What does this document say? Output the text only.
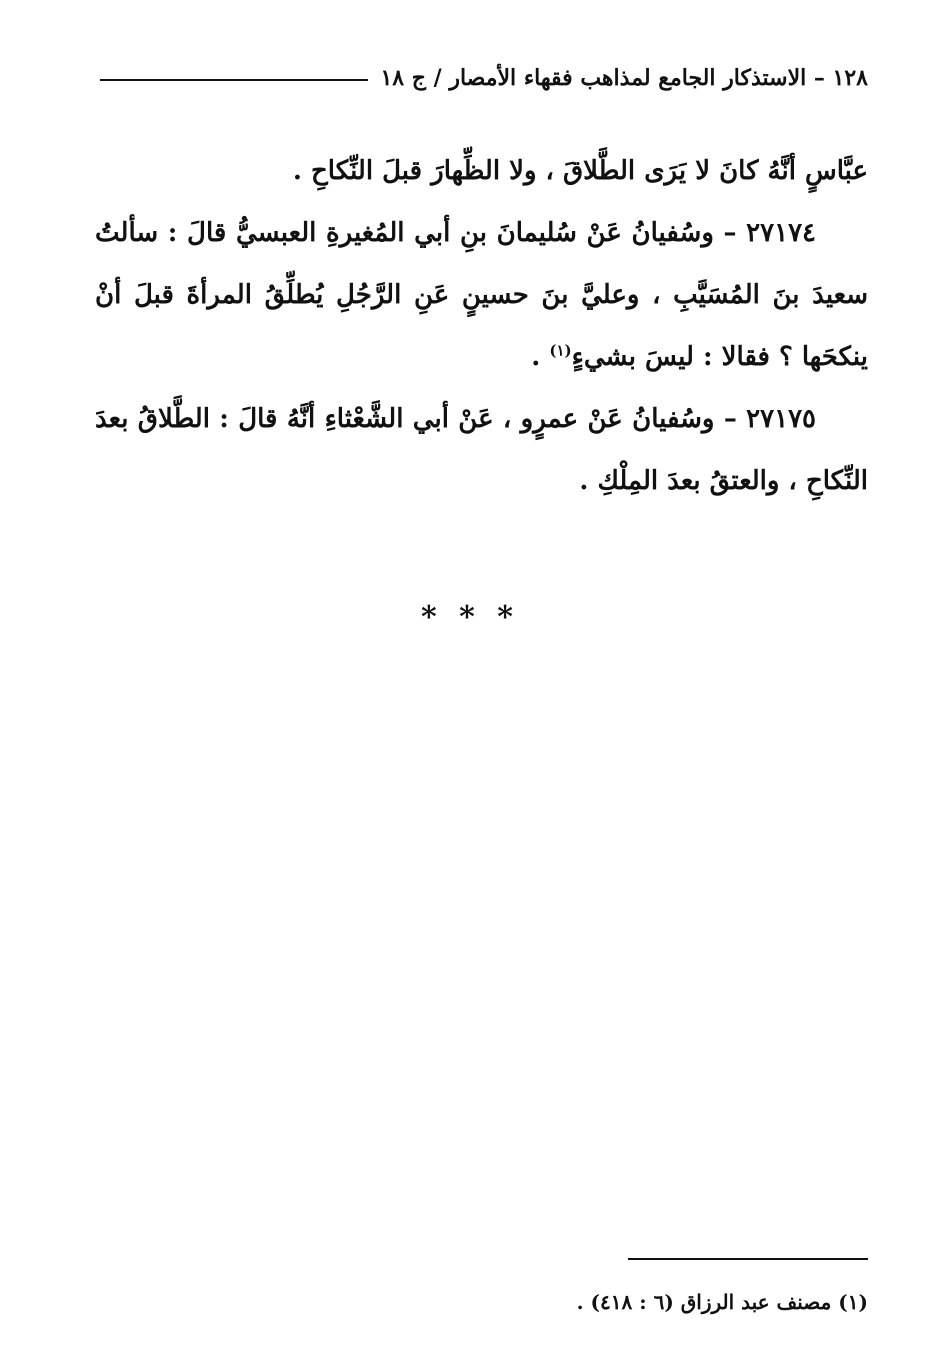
١٢٨ – الاستذكار الجامع لمذاهب فقهاء الأمصار / ج ١٨

عبَّاسٍ أنَّهُ كانَ لا يَرَى الطَّلاقَ ، ولا الظِّهارَ قبلَ النِّكاحِ .

٢٧١٧٤ – وسُفيانُ عَنْ سُليمانَ بنِ أبي المُغيرةِ العبسيُّ قالَ : سألتُ سعيدَ بنَ المُسَيَّبِ ، وعليَّ بنَ حسينٍ عَنِ الرَّجُلِ يُطلِّقُ المرأةَ قبلَ أنْ ينكحَها ؟ فقالا : ليسَ بشيءٍ$^{(١)}$ .

٢٧١٧٥ – وسُفيانُ عَنْ عمرٍو ، عَنْ أبي الشَّعْثاءِ أنَّهُ قالَ : الطَّلاقُ بعدَ النِّكاحِ ، والعتقُ بعدَ المِلْكِ .

* * *
(١) مصنف عبد الرزاق (٦ : ٤١٨) .
